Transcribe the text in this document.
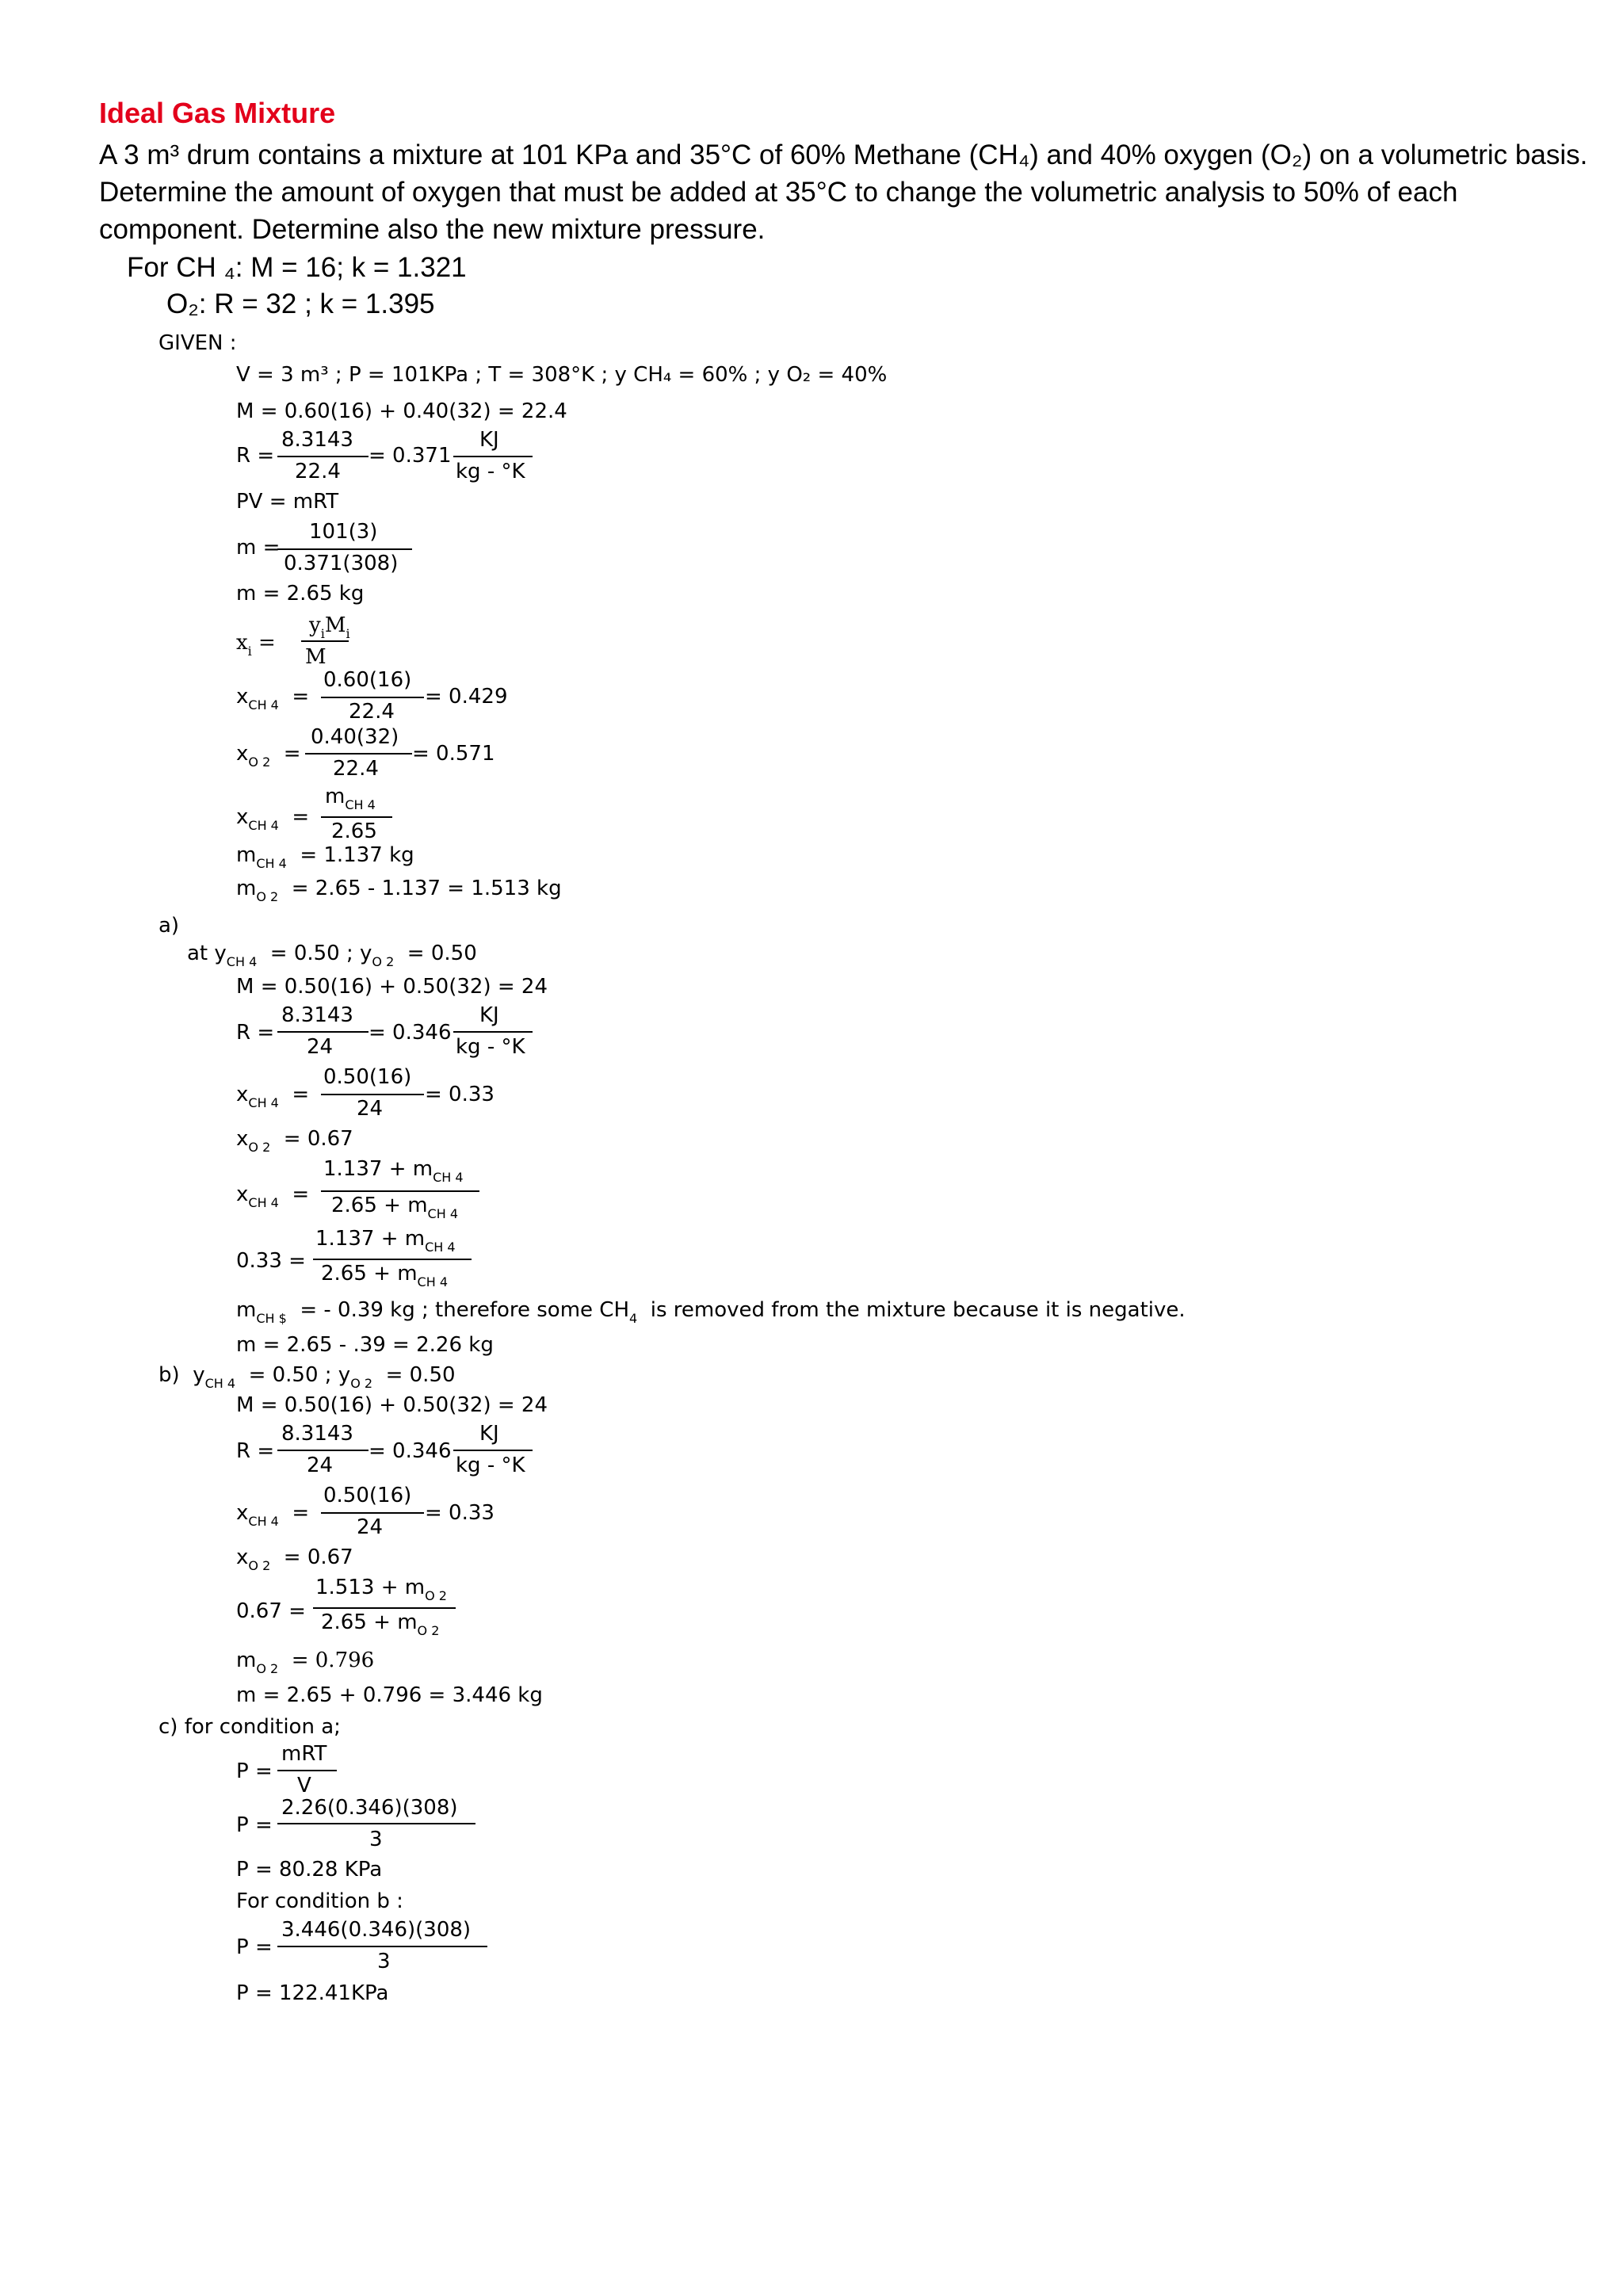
Ideal Gas Mixture
A 3 m³ drum contains a mixture at 101 KPa and 35°C of 60% Methane (CH₄) and 40% oxygen (O₂) on a volumetric basis.
Determine the amount of oxygen that must be added at 35°C to change the volumetric analysis to 50% of each
component. Determine also the new mixture pressure.
For CH ₄: M = 16; k = 1.321
O₂: R = 32 ; k = 1.395
GIVEN :
V = 3 m³ ; P = 101KPa ; T = 308°K ; y CH₄ = 60% ; y O₂ = 40%
M = 0.60(16) + 0.40(32) = 22.4
R =
8.3143
22.4
= 0.371
KJ
kg - °K
PV = mRT
m =
101(3)
0.371(308)
m = 2.65 kg
$x_i$ =
$y_iM_i$
M
$x_{CH 4}$  =
0.60(16)
22.4
= 0.429
$x_{O 2}$  =
0.40(32)
22.4
= 0.571
$x_{CH 4}$  =
$m_{CH 4}$
2.65
$m_{CH 4} = 1.137$ kg
$m_{O 2} = 2.65 - 1.137 = 1.513$ kg
a)
at $y_{CH 4} = 0.50$ ; $y_{O 2} = 0.50$
M = 0.50(16) + 0.50(32) = 24
R =
8.3143
24
= 0.346
KJ
kg - °K
$x_{CH 4}$  =
0.50(16)
24
= 0.33
$x_{O 2} = 0.67$
$x_{CH 4}$  =
$1.137 + m_{CH 4}$
$2.65 + m_{CH 4}$
0.33 =
$1.137 + m_{CH 4}$
$2.65 + m_{CH 4}$
$m_{CH \$}$ = - 0.39 kg ; therefore some $CH_4$ is removed from the mixture because it is negative.
m = 2.65 - .39 = 2.26 kg
b) $y_{CH 4} = 0.50$ ; $y_{O 2} = 0.50$
M = 0.50(16) + 0.50(32) = 24
R =
8.3143
24
= 0.346
KJ
kg - °K
$x_{CH 4}$  =
0.50(16)
24
= 0.33
$x_{O 2} = 0.67$
0.67 =
$1.513 + m_{O 2}$
$2.65 + m_{O 2}$
$m_{O 2} = 0.796$
m = 2.65 + 0.796 = 3.446 kg
c) for condition a;
P =
mRT
V
P =
2.26(0.346)(308)
3
P = 80.28 KPa
For condition b :
P =
3.446(0.346)(308)
3
P = 122.41KPa
